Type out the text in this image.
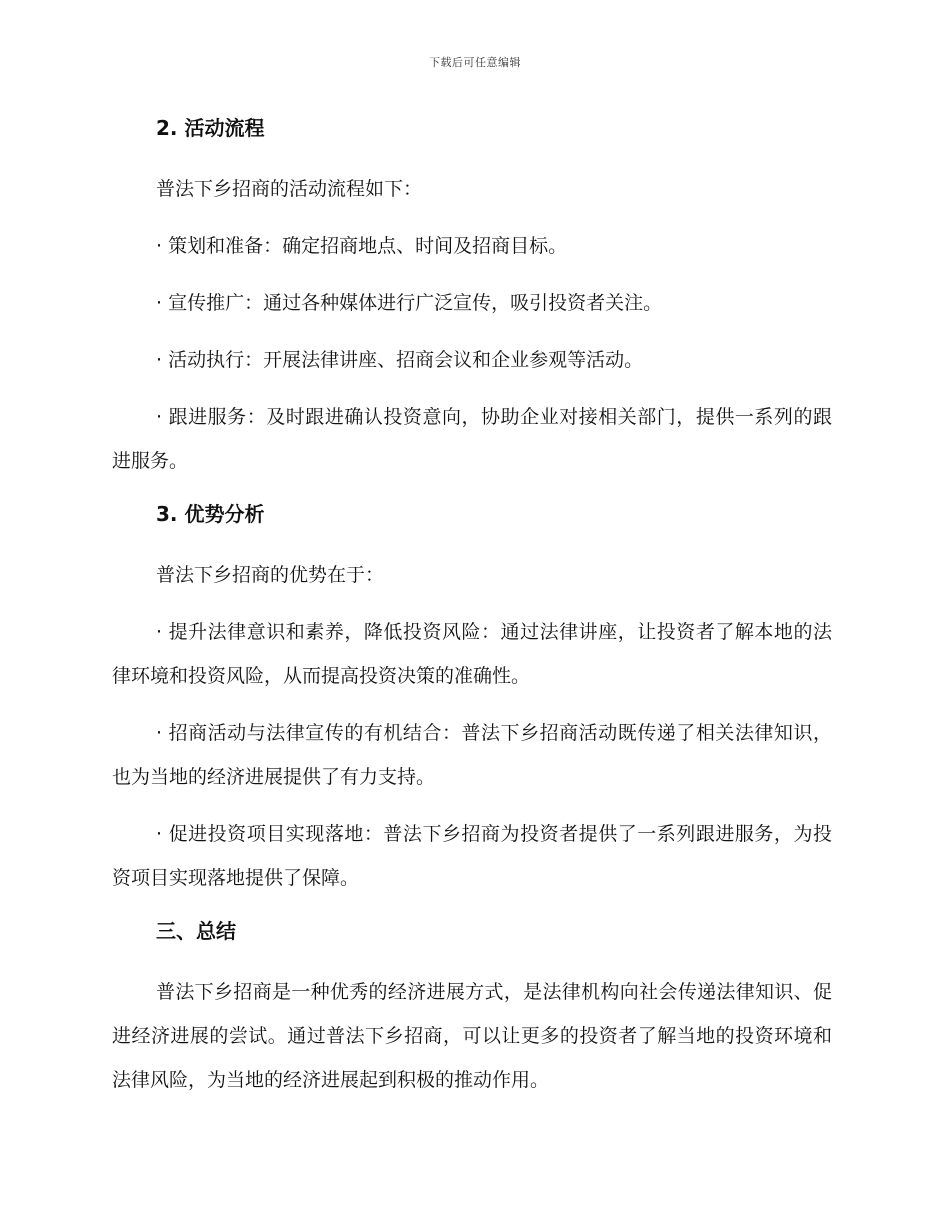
下载后可任意编辑
2. 活动流程

普法下乡招商的活动流程如下：

· 策划和准备：确定招商地点、时间及招商目标。

· 宣传推广：通过各种媒体进行广泛宣传，吸引投资者关注。

· 活动执行：开展法律讲座、招商会议和企业参观等活动。

· 跟进服务：及时跟进确认投资意向，协助企业对接相关部门，提供一系列的跟进服务。

3. 优势分析

普法下乡招商的优势在于：

· 提升法律意识和素养，降低投资风险：通过法律讲座，让投资者了解本地的法律环境和投资风险，从而提高投资决策的准确性。

· 招商活动与法律宣传的有机结合：普法下乡招商活动既传递了相关法律知识，也为当地的经济进展提供了有力支持。

· 促进投资项目实现落地：普法下乡招商为投资者提供了一系列跟进服务，为投资项目实现落地提供了保障。

三、总结

普法下乡招商是一种优秀的经济进展方式，是法律机构向社会传递法律知识、促进经济进展的尝试。通过普法下乡招商，可以让更多的投资者了解当地的投资环境和法律风险，为当地的经济进展起到积极的推动作用。
